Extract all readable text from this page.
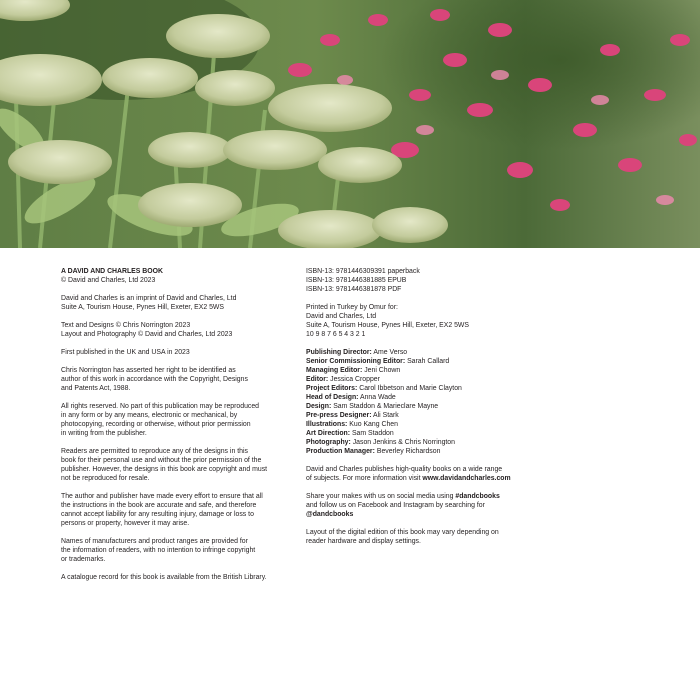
A DAVID AND CHARLES BOOK
© David and Charles, Ltd 2023
David and Charles is an imprint of David and Charles, Ltd
Suite A, Tourism House, Pynes Hill, Exeter, EX2 5WS
Text and Designs © Chris Norrington 2023
Layout and Photography © David and Charles, Ltd 2023
First published in the UK and USA in 2023
Chris Norrington has asserted her right to be identified as
author of this work in accordance with the Copyright, Designs
and Patents Act, 1988.
All rights reserved. No part of this publication may be reproduced
in any form or by any means, electronic or mechanical, by
photocopying, recording or otherwise, without prior permission
in writing from the publisher.
Readers are permitted to reproduce any of the designs in this
book for their personal use and without the prior permission of the
publisher. However, the designs in this book are copyright and must
not be reproduced for resale.
The author and publisher have made every effort to ensure that all
the instructions in the book are accurate and safe, and therefore
cannot accept liability for any resulting injury, damage or loss to
persons or property, however it may arise.
Names of manufacturers and product ranges are provided for
the information of readers, with no intention to infringe copyright
or trademarks.
A catalogue record for this book is available from the British Library.
ISBN-13: 9781446309391 paperback
ISBN-13: 9781446381885 EPUB
ISBN-13: 9781446381878 PDF
Printed in Turkey by Omur for:
David and Charles, Ltd
Suite A, Tourism House, Pynes Hill, Exeter, EX2 5WS
10 9 8 7 6 5 4 3 2 1
Publishing Director: Ame Verso
Senior Commissioning Editor: Sarah Callard
Managing Editor: Jeni Chown
Editor: Jessica Cropper
Project Editors: Carol Ibbetson and Marie Clayton
Head of Design: Anna Wade
Design: Sam Staddon & Marieclare Mayne
Pre-press Designer: Ali Stark
Illustrations: Kuo Kang Chen
Art Direction: Sam Staddon
Photography: Jason Jenkins & Chris Norrington
Production Manager: Beverley Richardson
David and Charles publishes high-quality books on a wide range
of subjects. For more information visit www.davidandcharles.com
Share your makes with us on social media using #dandcbooks
and follow us on Facebook and Instagram by searching for
@dandcbooks
Layout of the digital edition of this book may vary depending on
reader hardware and display settings.
